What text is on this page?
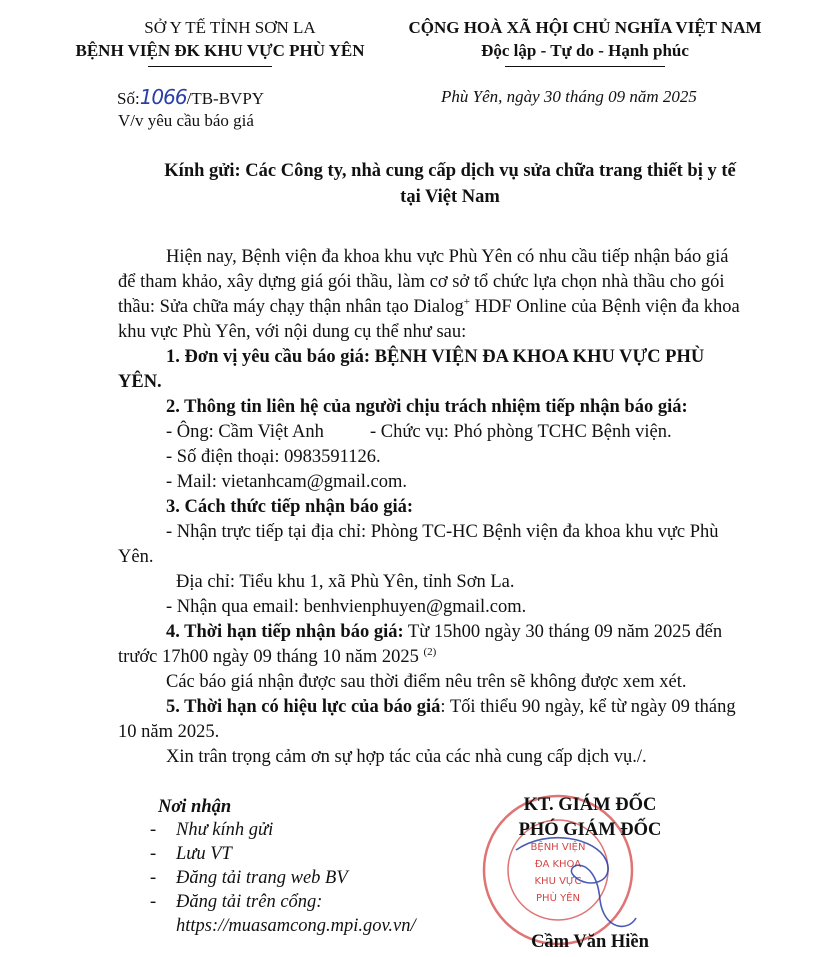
SỞ Y TẾ TỈNH SƠN LA
BỆNH VIỆN ĐK KHU VỰC PHÙ YÊN
CỘNG HOÀ XÃ HỘI CHỦ NGHĨA VIỆT NAM
Độc lập - Tự do - Hạnh phúc
Số:1066/TB-BVPY
V/v yêu cầu báo giá
Phù Yên, ngày 30 tháng 09 năm 2025
Kính gửi: Các Công ty, nhà cung cấp dịch vụ sửa chữa trang thiết bị y tế
tại Việt Nam
Hiện nay, Bệnh viện đa khoa khu vực Phù Yên có nhu cầu tiếp nhận báo giá
để tham khảo, xây dựng giá gói thầu, làm cơ sở tổ chức lựa chọn nhà thầu cho gói
thầu: Sửa chữa máy chạy thận nhân tạo Dialog+ HDF Online của Bệnh viện đa khoa
khu vực Phù Yên, với nội dung cụ thể như sau:
1. Đơn vị yêu cầu báo giá: BỆNH VIỆN ĐA KHOA KHU VỰC PHÙ
YÊN.
2. Thông tin liên hệ của người chịu trách nhiệm tiếp nhận báo giá:
- Ông: Cầm Việt Anh - Chức vụ: Phó phòng TCHC Bệnh viện.
- Số điện thoại: 0983591126.
- Mail: vietanhcam@gmail.com.
3. Cách thức tiếp nhận báo giá:
- Nhận trực tiếp tại địa chỉ: Phòng TC-HC Bệnh viện đa khoa khu vực Phù
Yên.
Địa chỉ: Tiểu khu 1, xã Phù Yên, tỉnh Sơn La.
- Nhận qua email: benhvienphuyen@gmail.com.
4. Thời hạn tiếp nhận báo giá: Từ 15h00 ngày 30 tháng 09 năm 2025 đến
trước 17h00 ngày 09 tháng 10 năm 2025 $^{(2)}$
Các báo giá nhận được sau thời điểm nêu trên sẽ không được xem xét.
5. Thời hạn có hiệu lực của báo giá: Tối thiểu 90 ngày, kể từ ngày 09 tháng
10 năm 2025.
Xin trân trọng cảm ơn sự hợp tác của các nhà cung cấp dịch vụ./.
Nơi nhận
- Như kính gửi
- Lưu VT
- Đăng tải trang web BV
- Đăng tải trên cổng:
https://muasamcong.mpi.gov.vn/
BỆNH VIỆN
ĐA KHOA
KHU VỰC
PHÙ YÊN
KT. GIÁM ĐỐC
PHÓ GIÁM ĐỐC
Cầm Văn Hiền
